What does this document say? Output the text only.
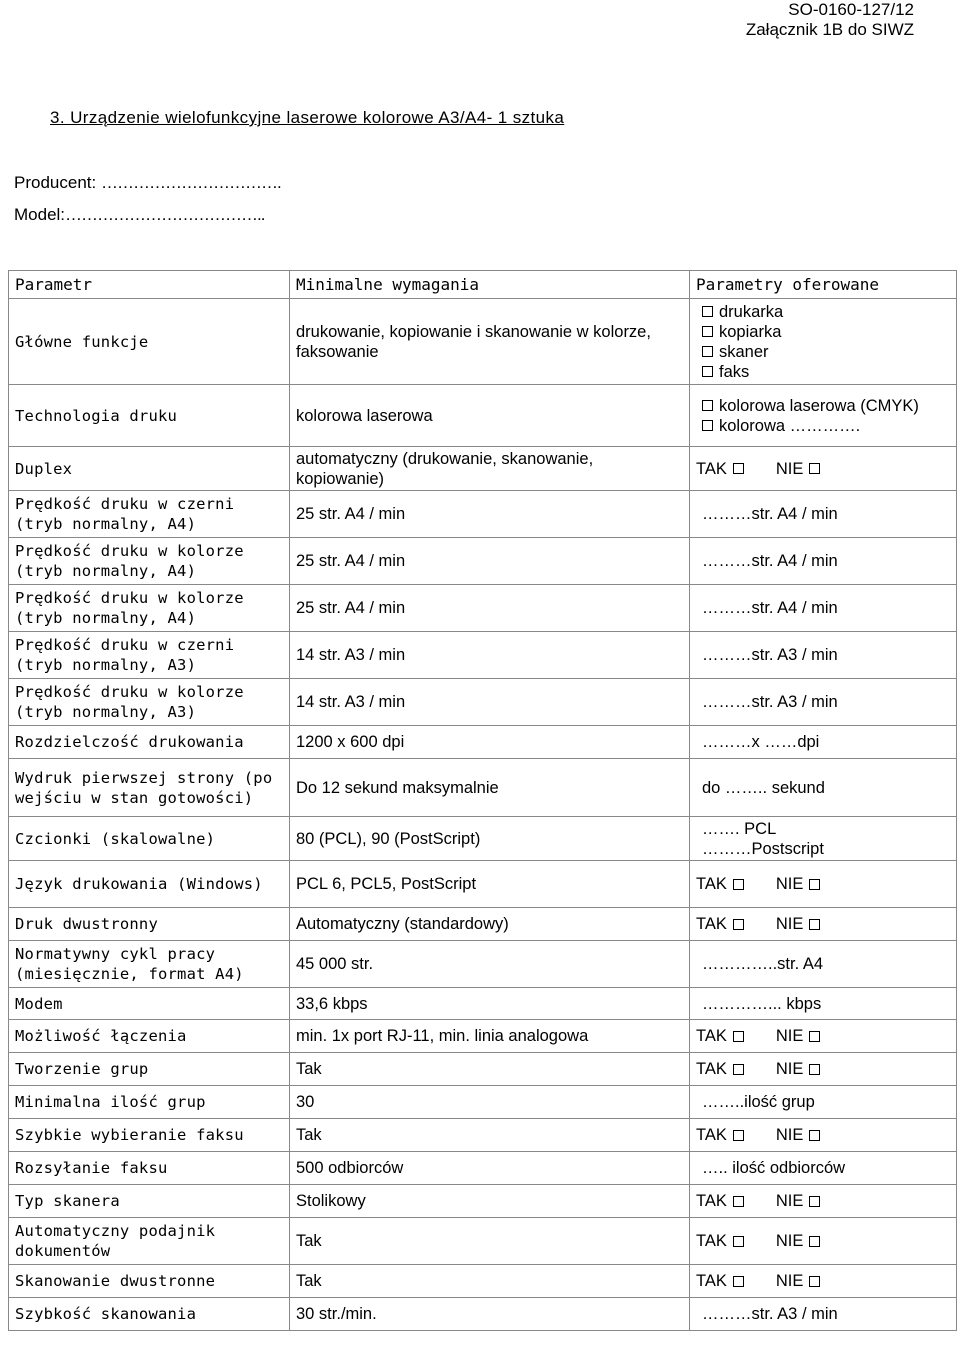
SO-0160-127/12
Załącznik 1B do SIWZ
3. Urządzenie wielofunkcyjne laserowe kolorowe A3/A4- 1 sztuka
Producent: …………………………….
Model:………………………………..
Parametr	Minimalne wymagania	Parametry oferowane
Główne funkcje	drukowanie, kopiowanie i skanowanie w kolorze, faksowanie	drukarka
kopiarka
skaner
faks

Technologia druku	kolorowa laserowa	kolorowa laserowa (CMYK)
kolorowa ………….

Duplex	automatyczny (drukowanie, skanowanie, kopiowanie)	TAK NIE
Prędkość druku w czerni (tryb normalny, A4)	25 str. A4 / min	………str. A4 / min
Prędkość druku w kolorze (tryb normalny, A4)	25 str. A4 / min	………str. A4 / min
Prędkość druku w kolorze (tryb normalny, A4)	25 str. A4 / min	………str. A4 / min
Prędkość druku w czerni (tryb normalny, A3)	14 str. A3 / min	………str. A3 / min
Prędkość druku w kolorze (tryb normalny, A3)	14 str. A3 / min	………str. A3 / min
Rozdzielczość drukowania	1200 x 600 dpi	………x ……dpi
Wydruk pierwszej strony (po wejściu w stan gotowości)	Do 12 sekund maksymalnie	do …….. sekund
Czcionki (skalowalne)	80 (PCL), 90 (PostScript)	……. PCL
………Postscript

Język drukowania (Windows)	PCL 6, PCL5, PostScript	TAK NIE
Druk dwustronny	Automatyczny (standardowy)	TAK NIE
Normatywny cykl pracy (miesięcznie, format A4)	45 000 str.	…………..str. A4
Modem	33,6 kbps	…………... kbps
Możliwość łączenia	min. 1x port RJ-11, min. linia analogowa	TAK NIE
Tworzenie grup	Tak	TAK NIE
Minimalna ilość grup	30	……..ilość grup
Szybkie wybieranie faksu	Tak	TAK NIE
Rozsyłanie faksu	500 odbiorców	….. ilość odbiorców
Typ skanera	Stolikowy	TAK NIE
Automatyczny podajnik dokumentów	Tak	TAK NIE
Skanowanie dwustronne	Tak	TAK NIE
Szybkość skanowania	30 str./min.	………str. A3 / min
